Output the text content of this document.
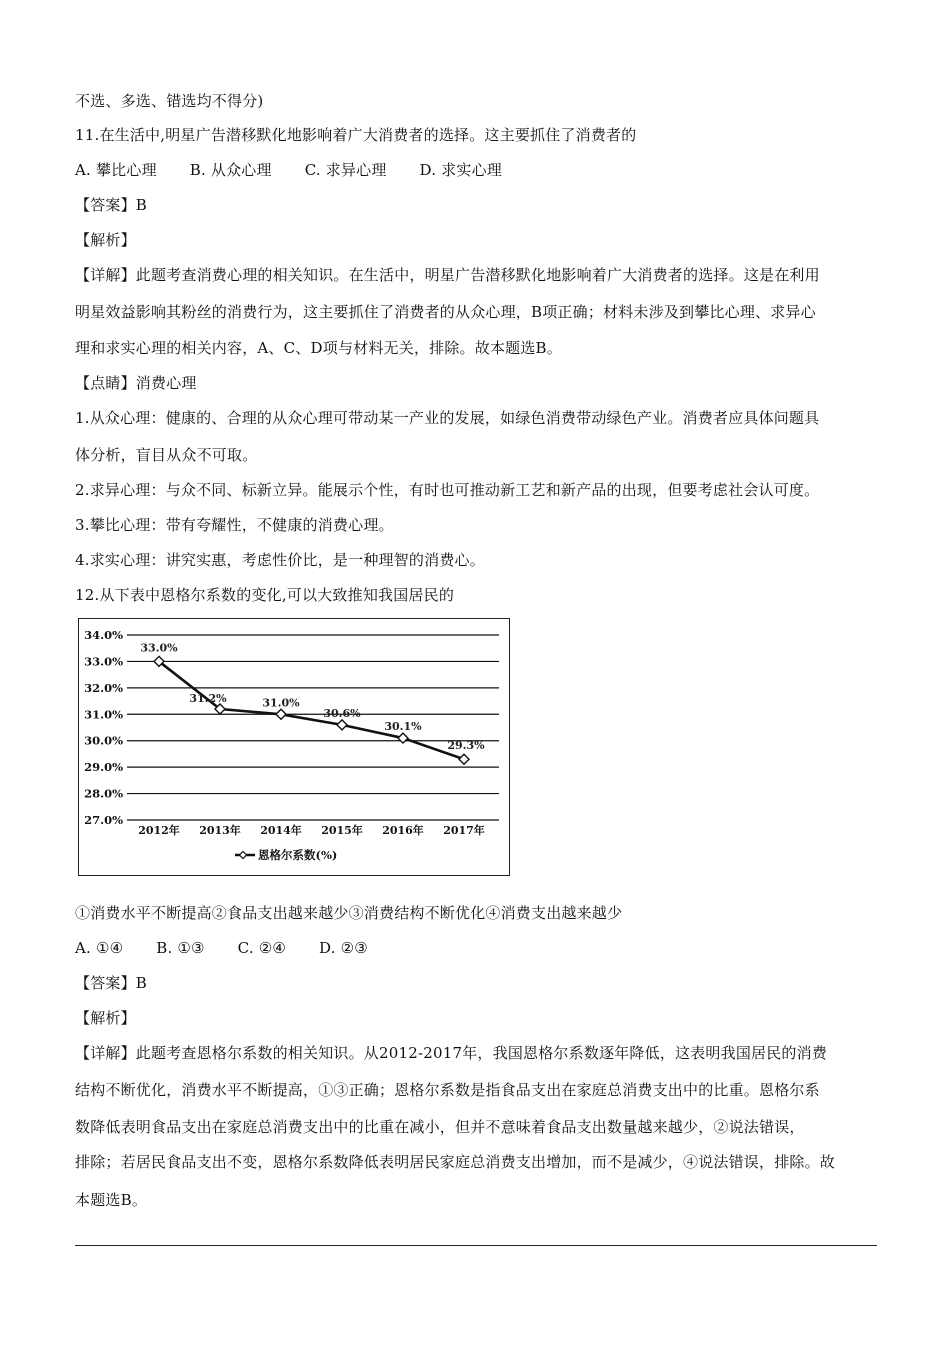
不选、多选、错选均不得分)
11.在生活中,明星广告潜移默化地影响着广大消费者的选择。这主要抓住了消费者的
A. 攀比心理 B. 从众心理 C. 求异心理 D. 求实心理
【答案】B
【解析】
【详解】此题考查消费心理的相关知识。在生活中，明星广告潜移默化地影响着广大消费者的选择。这是在利用
明星效益影响其粉丝的消费行为，这主要抓住了消费者的从众心理，B项正确；材料未涉及到攀比心理、求异心
理和求实心理的相关内容，A、C、D项与材料无关，排除。故本题选B。
【点睛】消费心理
1.从众心理：健康的、合理的从众心理可带动某一产业的发展，如绿色消费带动绿色产业。消费者应具体问题具
体分析，盲目从众不可取。
2.求异心理：与众不同、标新立异。能展示个性，有时也可推动新工艺和新产品的出现，但要考虑社会认可度。
3.攀比心理：带有夸耀性，不健康的消费心理。
4.求实心理：讲究实惠，考虑性价比，是一种理智的消费心。
12.从下表中恩格尔系数的变化,可以大致推知我国居民的
①消费水平不断提高②食品支出越来越少③消费结构不断优化④消费支出越来越少
A. ①④ B. ①③ C. ②④ D. ②③
【答案】B
【解析】
【详解】此题考查恩格尔系数的相关知识。从2012-2017年，我国恩格尔系数逐年降低，这表明我国居民的消费
结构不断优化，消费水平不断提高，①③正确；恩格尔系数是指食品支出在家庭总消费支出中的比重。恩格尔系
数降低表明食品支出在家庭总消费支出中的比重在减小，但并不意味着食品支出数量越来越少，②说法错误，
排除；若居民食品支出不变，恩格尔系数降低表明居民家庭总消费支出增加，而不是减少，④说法错误，排除。故
本题选B。
34.0%
33.0%
32.0%
31.0%
30.0%
29.0%
28.0%
27.0%
2012年 2013年 2014年 2015年 2016年 2017年
33.0%
31.2%	31.0%
30.6%
30.1%
29.3%
恩格尔系数(%)
